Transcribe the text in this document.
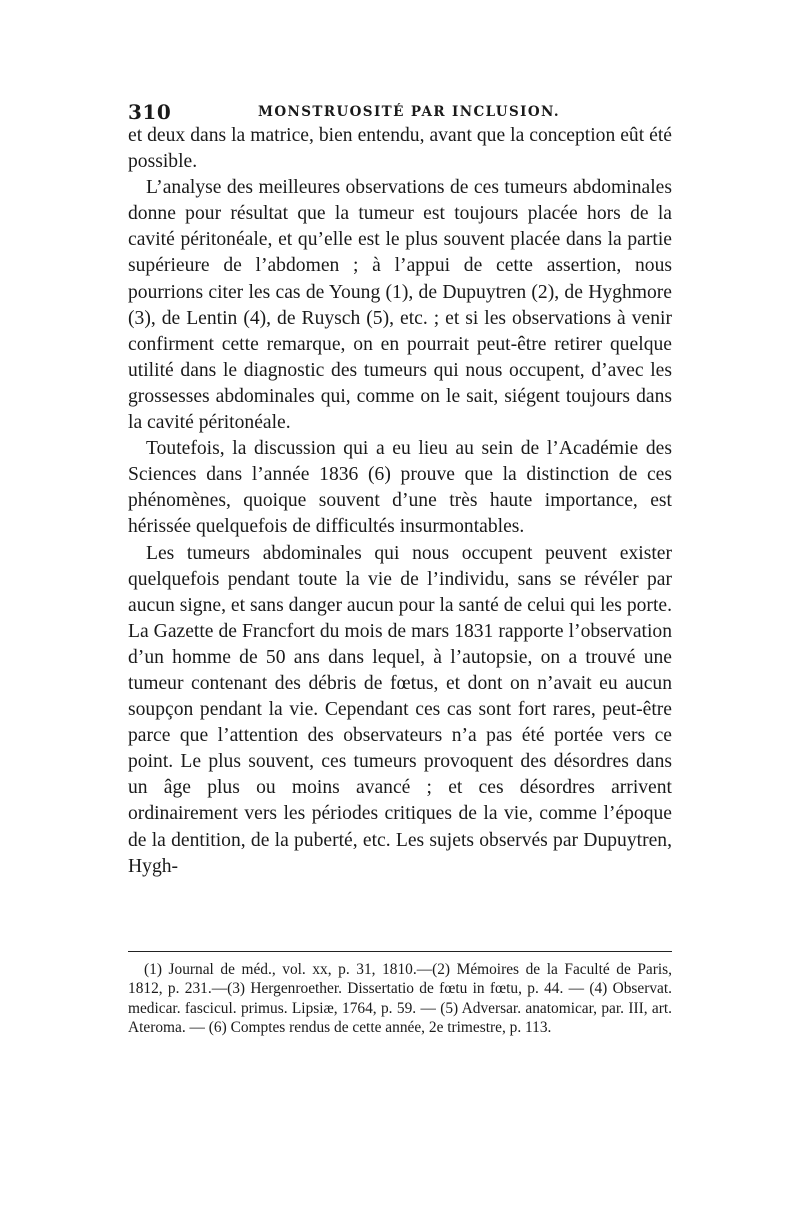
310	MONSTRUOSITÉ PAR INCLUSION.

et deux dans la matrice, bien entendu, avant que la conception eût été possible.

L’analyse des meilleures observations de ces tumeurs abdominales donne pour résultat que la tumeur est toujours placée hors de la cavité péritonéale, et qu’elle est le plus souvent placée dans la partie supérieure de l’abdomen ; à l’appui de cette assertion, nous pourrions citer les cas de Young (1), de Dupuytren (2), de Hyghmore (3), de Lentin (4), de Ruysch (5), etc. ; et si les observations à venir confirment cette remarque, on en pourrait peut-être retirer quelque utilité dans le diagnostic des tumeurs qui nous occupent, d’avec les grossesses abdominales qui, comme on le sait, siégent toujours dans la cavité péritonéale.

Toutefois, la discussion qui a eu lieu au sein de l’Académie des Sciences dans l’année 1836 (6) prouve que la distinction de ces phénomènes, quoique souvent d’une très haute importance, est hérissée quelquefois de difficultés insurmontables.

Les tumeurs abdominales qui nous occupent peuvent exister quelquefois pendant toute la vie de l’individu, sans se révéler par aucun signe, et sans danger aucun pour la santé de celui qui les porte. La Gazette de Francfort du mois de mars 1831 rapporte l’observation d’un homme de 50 ans dans lequel, à l’autopsie, on a trouvé une tumeur contenant des débris de fœtus, et dont on n’avait eu aucun soupçon pendant la vie. Cependant ces cas sont fort rares, peut-être parce que l’attention des observateurs n’a pas été portée vers ce point. Le plus souvent, ces tumeurs provoquent des désordres dans un âge plus ou moins avancé ; et ces désordres arrivent ordinairement vers les périodes critiques de la vie, comme l’époque de la dentition, de la puberté, etc. Les sujets observés par Dupuytren, Hygh-

(1) Journal de méd., vol. xx, p. 31, 1810.—(2) Mémoires de la Faculté de Paris, 1812, p. 231.—(3) Hergenroether. Dissertatio de fœtu in fœtu, p. 44. — (4) Observat. medicar. fascicul. primus. Lipsiæ, 1764, p. 59. — (5) Adversar. anatomicar, par. III, art. Ateroma. — (6) Comptes rendus de cette année, 2e trimestre, p. 113.
